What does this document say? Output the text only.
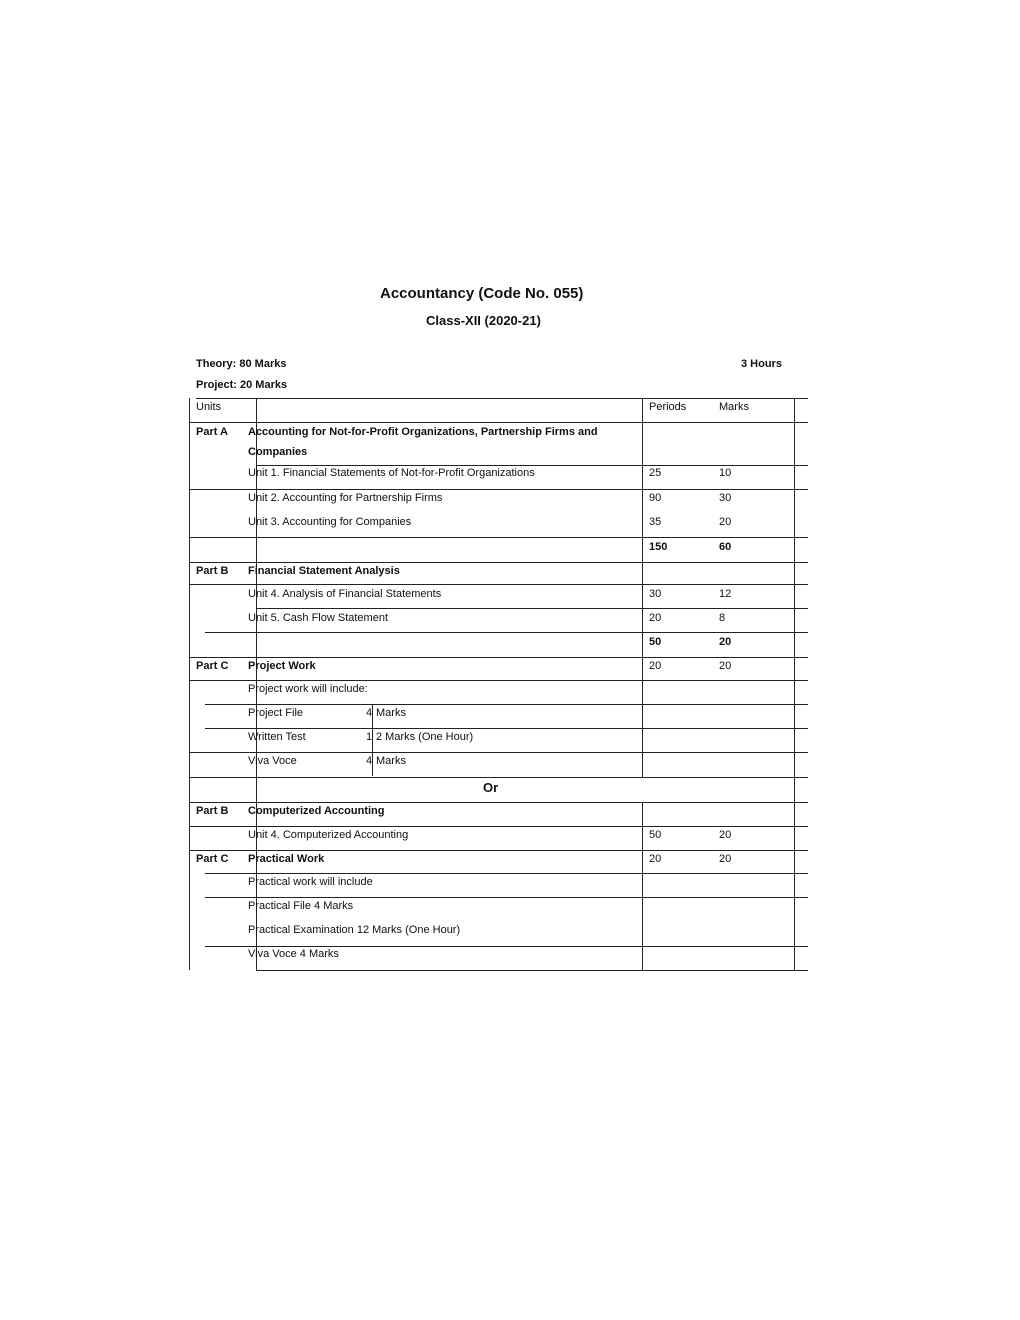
Accountancy (Code No. 055)
Class-XII (2020-21)
Theory: 80 Marks
Project: 20 Marks
3 Hours
Units	Periods	Marks
Part A Accounting for Not-for-Profit Organizations, Partnership Firms and
Companies
Unit 1. Financial Statements of Not-for-Profit Organizations	25	10
Unit 2. Accounting for Partnership Firms	90	30
Unit 3. Accounting for Companies	35	20
150	60
Part B Financial Statement Analysis
Unit 4. Analysis of Financial Statements	30	12
Unit 5. Cash Flow Statement	20	8
50	20
Part C Project Work	20	20
Project work will include:
Project File	4 Marks
Written Test	1 2 Marks (One Hour)
Viva Voce	4 Marks
Or
Part B Computerized Accounting
Unit 4. Computerized Accounting	50	20
Part C Practical Work	20	20
Practical work will include
Practical File 4 Marks
Practical Examination 12 Marks (One Hour)
Viva Voce 4 Marks
